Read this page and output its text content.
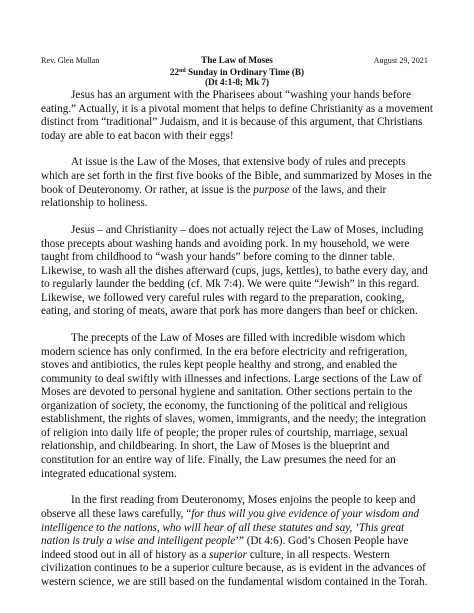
Rev. Glen Mullan	August 29, 2021
The Law of Moses
22nd Sunday in Ordinary Time (B)
(Dt 4:1-8; Mk 7)

Jesus has an argument with the Pharisees about “washing your hands before eating.” Actually, it is a pivotal moment that helps to define Christianity as a movement distinct from “traditional” Judaism, and it is because of this argument, that Christians today are able to eat bacon with their eggs!

At issue is the Law of the Moses, that extensive body of rules and precepts which are set forth in the first five books of the Bible, and summarized by Moses in the book of Deuteronomy. Or rather, at issue is the purpose of the laws, and their relationship to holiness.

Jesus – and Christianity – does not actually reject the Law of Moses, including those precepts about washing hands and avoiding pork. In my household, we were taught from childhood to “wash your hands” before coming to the dinner table. Likewise, to wash all the dishes afterward (cups, jugs, kettles), to bathe every day, and to regularly launder the bedding (cf. Mk 7:4). We were quite “Jewish” in this regard. Likewise, we followed very careful rules with regard to the preparation, cooking, eating, and storing of meats, aware that pork has more dangers than beef or chicken.

The precepts of the Law of Moses are filled with incredible wisdom which modern science has only confirmed. In the era before electricity and refrigeration, stoves and antibiotics, the rules kept people healthy and strong, and enabled the community to deal swiftly with illnesses and infections. Large sections of the Law of Moses are devoted to personal hygiene and sanitation. Other sections pertain to the organization of society, the economy, the functioning of the political and religious establishment, the rights of slaves, women, immigrants, and the needy; the integration of religion into daily life of people; the proper rules of courtship, marriage, sexual relationship, and childbearing. In short, the Law of Moses is the blueprint and constitution for an entire way of life. Finally, the Law presumes the need for an integrated educational system.

In the first reading from Deuteronomy, Moses enjoins the people to keep and observe all these laws carefully, “for thus will you give evidence of your wisdom and intelligence to the nations, who will hear of all these statutes and say, ‘This great nation is truly a wise and intelligent people’” (Dt 4:6). God’s Chosen People have indeed stood out in all of history as a superior culture, in all respects. Western civilization continues to be a superior culture because, as is evident in the advances of western science, we are still based on the fundamental wisdom contained in the Torah.
